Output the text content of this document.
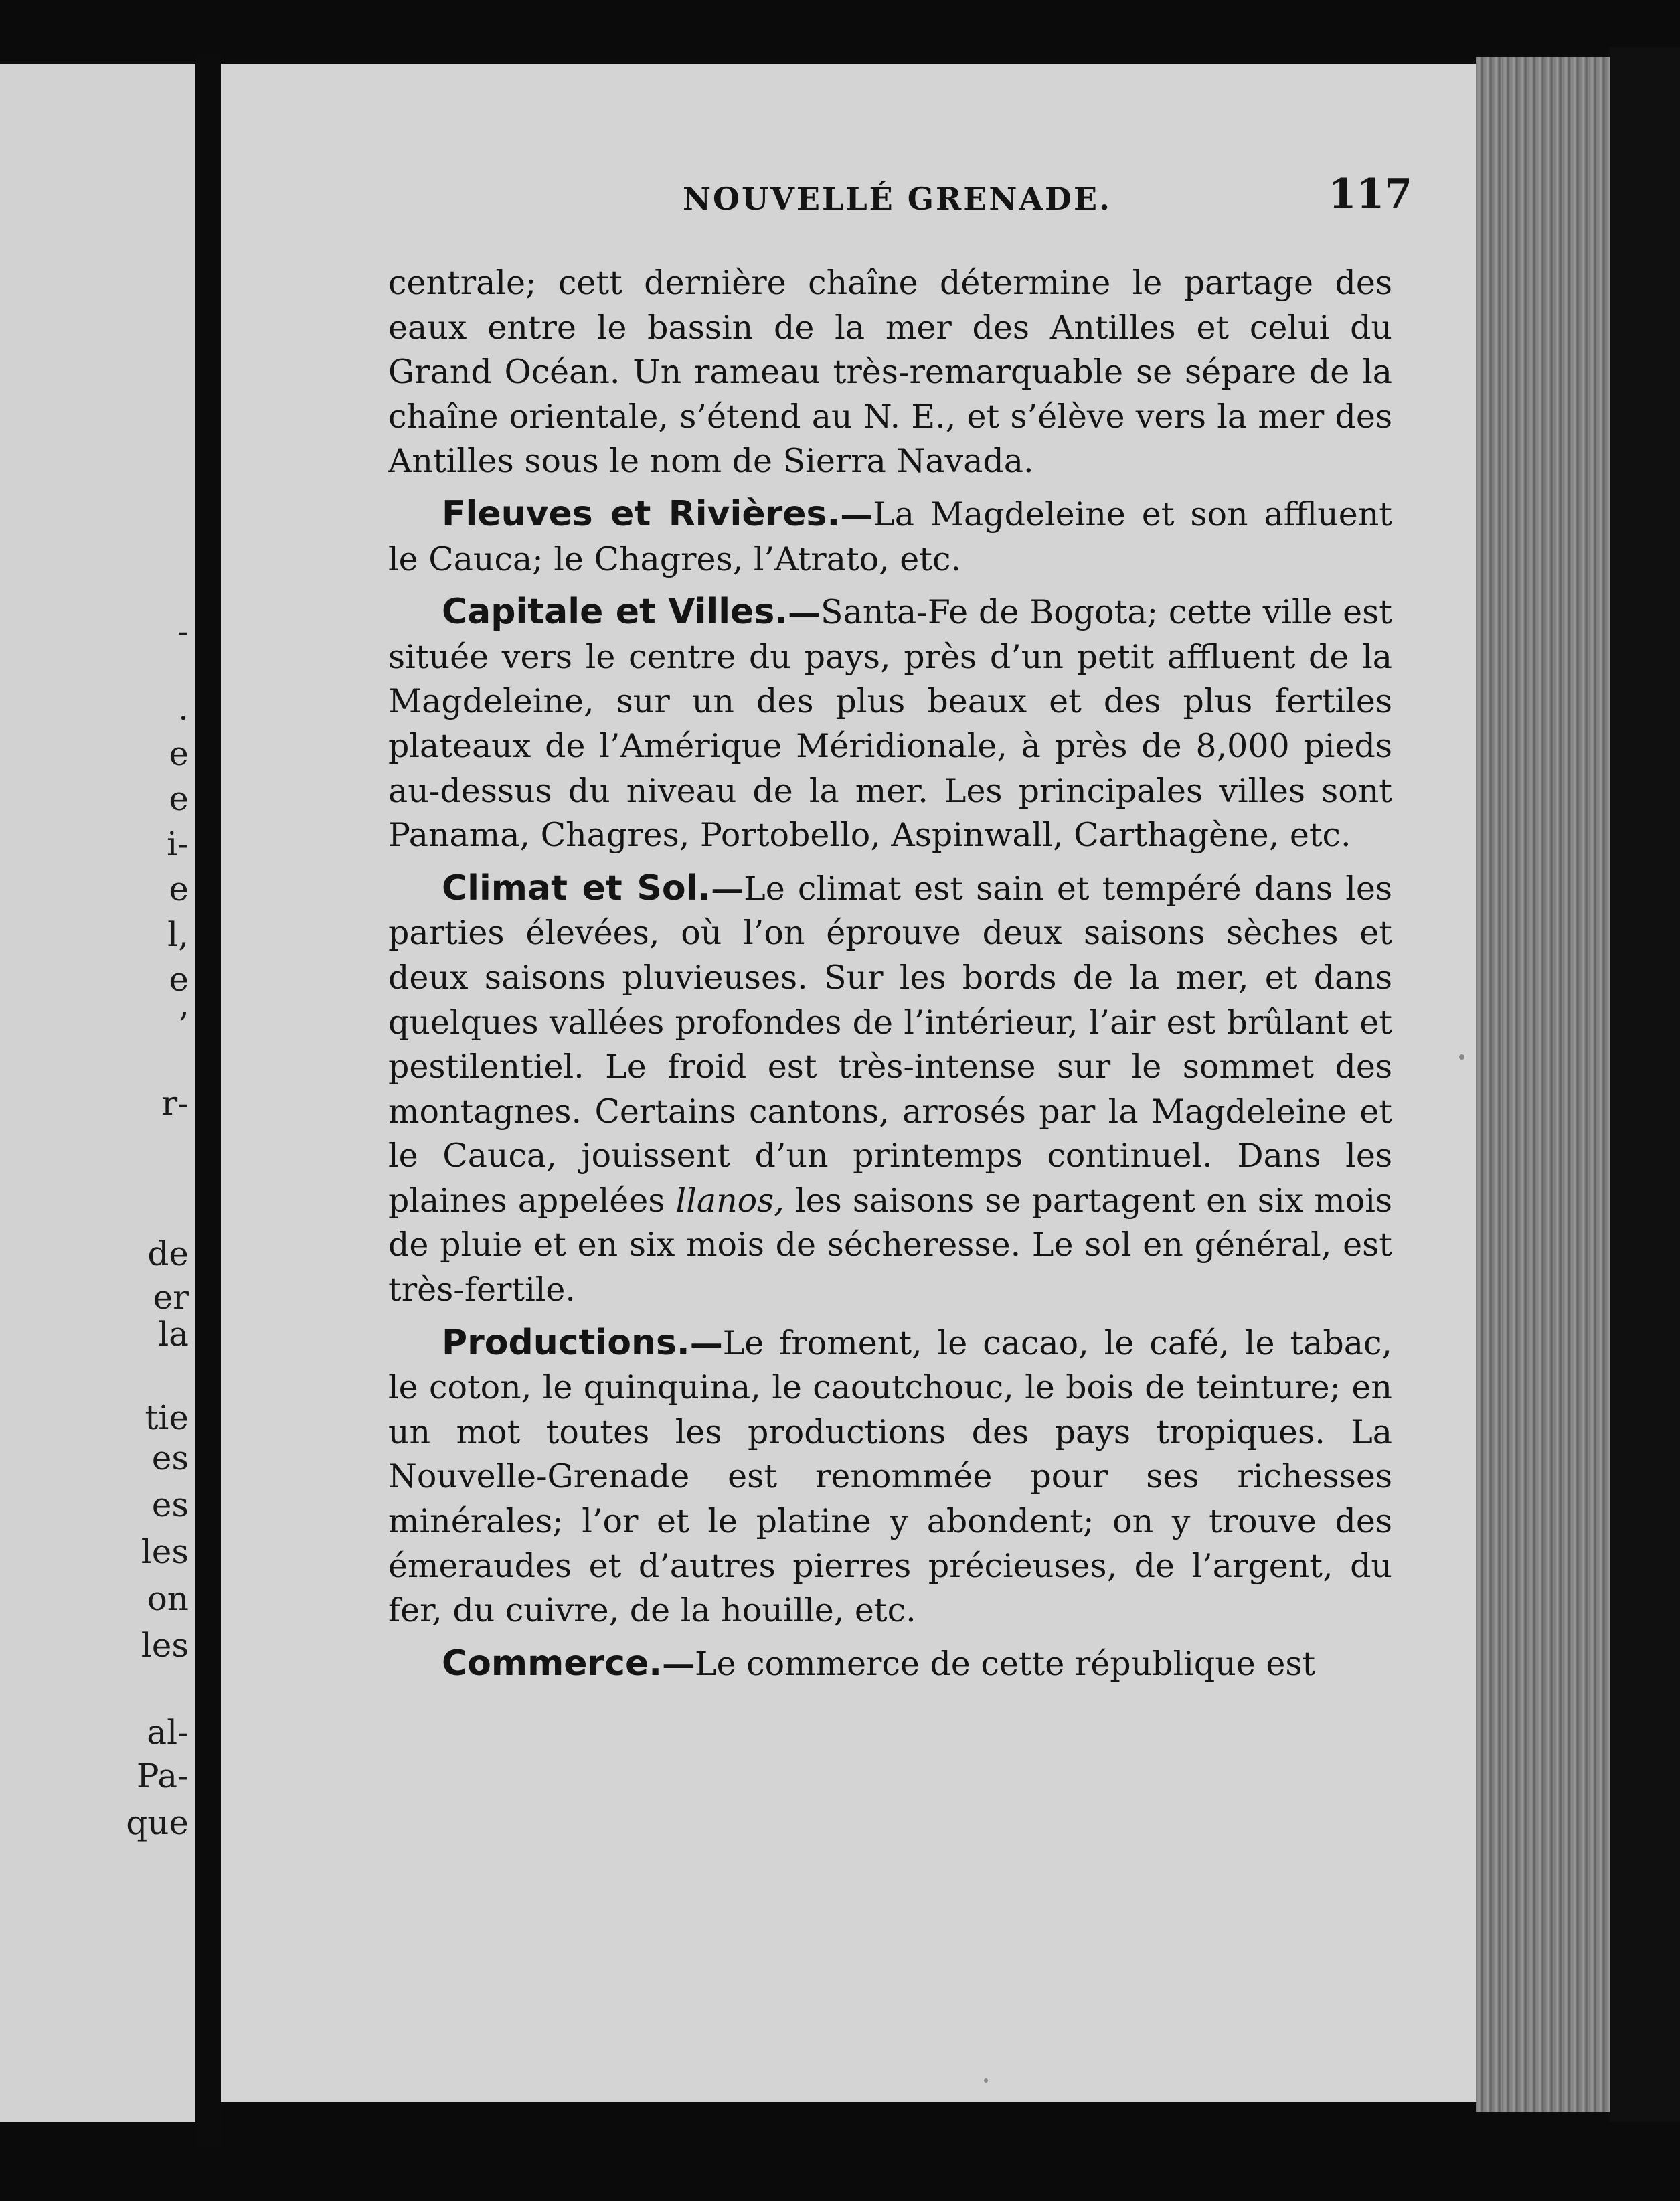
-
.
e
e
i-
e
l,
e
’
r-
de
er
la
tie
es
es
les
on
les
al-
Pa-
que
NOUVELLÉ GRENADE.	117

centrale; cett dernière chaîne détermine le partage des eaux entre le bassin de la mer des Antilles et celui du Grand Océan. Un rameau très-remarquable se sépare de la chaîne orientale, s’étend au N. E., et s’élève vers la mer des Antilles sous le nom de Sierra Navada.

Fleuves et Rivières.—La Magdeleine et son affluent le Cauca; le Chagres, l’Atrato, etc.

Capitale et Villes.—Santa-Fe de Bogota; cette ville est située vers le centre du pays, près d’un petit affluent de la Magdeleine, sur un des plus beaux et des plus fertiles plateaux de l’Amérique Méridionale, à près de 8,000 pieds au-dessus du niveau de la mer. Les principales villes sont Panama, Chagres, Portobello, Aspinwall, Carthagène, etc.

Climat et Sol.—Le climat est sain et tempéré dans les parties élevées, où l’on éprouve deux saisons sèches et deux saisons pluvieuses. Sur les bords de la mer, et dans quelques vallées profondes de l’intérieur, l’air est brûlant et pestilentiel. Le froid est très-intense sur le sommet des montagnes. Certains cantons, arrosés par la Magdeleine et le Cauca, jouissent d’un printemps continuel. Dans les plaines appelées llanos, les saisons se partagent en six mois de pluie et en six mois de sécheresse. Le sol en général, est très-fertile.

Productions.—Le froment, le cacao, le café, le tabac, le coton, le quinquina, le caoutchouc, le bois de teinture; en un mot toutes les productions des pays tropiques. La Nouvelle-Grenade est renommée pour ses richesses minérales; l’or et le platine y abondent; on y trouve des émeraudes et d’autres pierres précieuses, de l’argent, du fer, du cuivre, de la houille, etc.

Commerce.—Le commerce de cette république est
